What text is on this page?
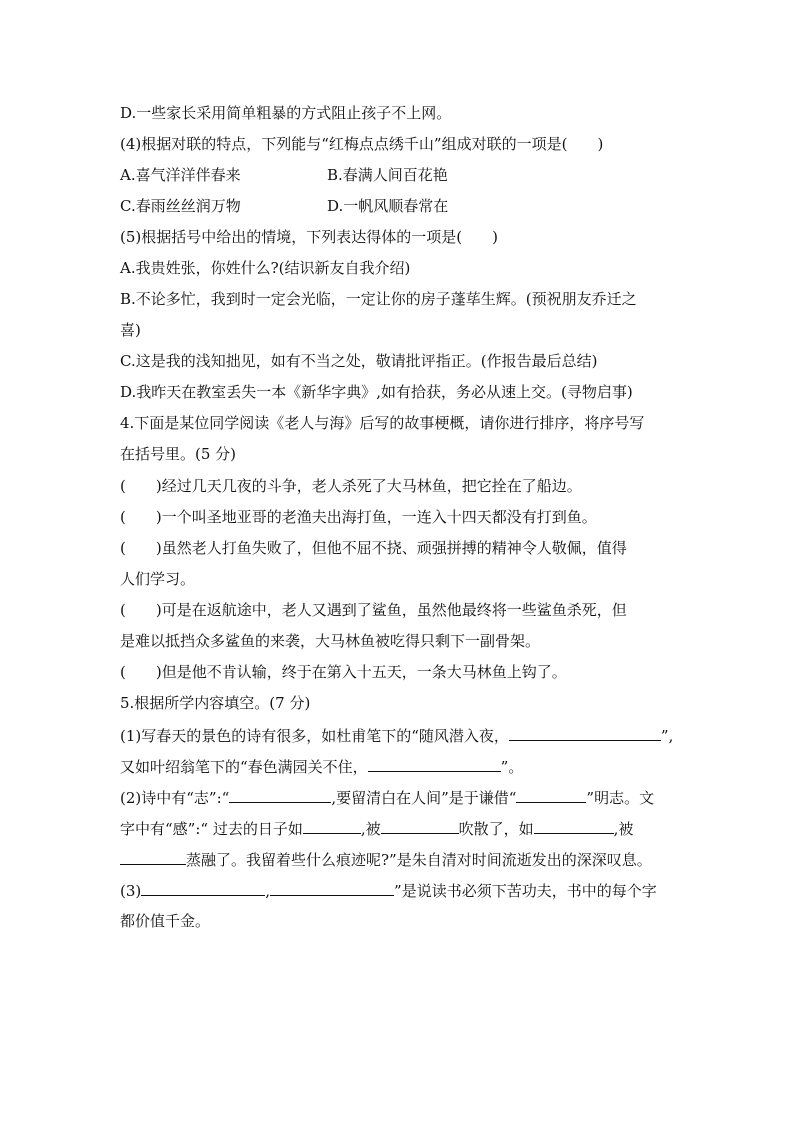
D.一些家长采用简单粗暴的方式阻止孩子不上网。
(4)根据对联的特点，下列能与“红梅点点绣千山”组成对联的一项是(　　)
A.喜气洋洋伴春来	B.春满人间百花艳
C.春雨丝丝润万物	D.一帆风顺春常在
(5)根据括号中给出的情境，下列表达得体的一项是(　　)
A.我贵姓张，你姓什么?(结识新友自我介绍)
B.不论多忙，我到时一定会光临，一定让你的房子蓬荜生辉。(预祝朋友乔迁之
喜)
C.这是我的浅知拙见，如有不当之处，敬请批评指正。(作报告最后总结)
D.我昨天在教室丢失一本《新华字典》,如有拾获，务必从速上交。(寻物启事)
4.下面是某位同学阅读《老人与海》后写的故事梗概，请你进行排序，将序号写
在括号里。(5 分)
(　　)经过几天几夜的斗争，老人杀死了大马林鱼，把它拴在了船边。
(　　)一个叫圣地亚哥的老渔夫出海打鱼，一连入十四天都没有打到鱼。
(　　)虽然老人打鱼失败了，但他不屈不挠、顽强拼搏的精神令人敬佩，值得
人们学习。
(　　)可是在返航途中，老人又遇到了鲨鱼，虽然他最终将一些鲨鱼杀死，但
是难以抵挡众多鲨鱼的来袭，大马林鱼被吃得只剩下一副骨架。
(　　)但是他不肯认输，终于在第入十五天，一条大马林鱼上钩了。
5.根据所学内容填空。(7 分)
(1)写春天的景色的诗有很多，如杜甫笔下的“随风潜入夜，	”,
又如叶绍翁笔下的“春色满园关不住，	”。
(2)诗中有“志”:“	,要留清白在人间”是于谦借“	”明志。文
字中有“感”:“ 过去的日子如	,被	吹散了，如	,被
蒸融了。我留着些什么痕迹呢?”是朱自清对时间流逝发出的深深叹息。
(3)	,	”是说读书必须下苦功夫，书中的每个字
都价值千金。
